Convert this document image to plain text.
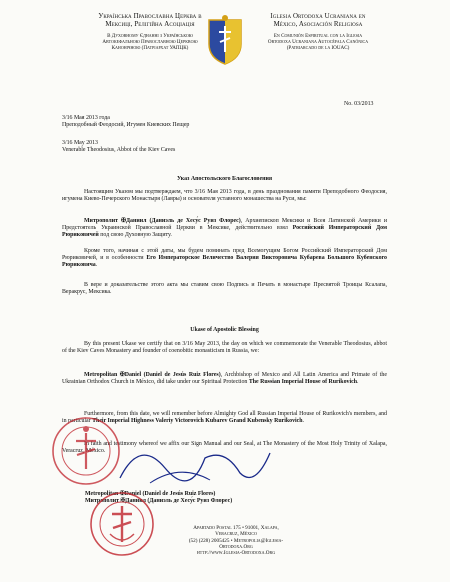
Українська Православна Церква в Мексиці, Релігійна Асоціація
В Духовному Єднанні з Українською Автокефальною Православною Церквою Канонічною (Патріархат УАПЦК)
Iglesia Ortodoxa Ucraniana en México, Asociación Religiosa
En Comunión Espiritual con la Iglesia Ortodoxa Ucraniana Autocéfala Canónica (Patriarcado de la IOUAC)
No. 03/2013
3/16 Мая 2013 года
Преподобный Феодосий, Игумен Киевских Пещер
3/16 May 2013
Venerable Theodosius, Abbot of the Kiev Caves
Указ Апостольского Благословения
Настоящим Указом мы подтверждаем, что 3/16 Мая 2013 года, в день празднования памяти Преподобного Феодосия, игумена Киево-Печерского Монастыря (Лавры) и основателя уставного монашества на Руси, мы:
Митрополит ✠Даниил (Даниэль де Хесу́с Руиз Флорес), Архиепископ Мексики и Всея Латинской Америки и Предстоятель Украинской Православной Церкви в Мексике, действительно взял Российский Императорский Дом Рюриковичей под свою Духовную Защиту.
Кроме того, начиная с этой даты, мы будем поминать пред Всемогущим Богом Российский Императорский Дом Рюриковичей, и в особенности Его Императорское Величество Валерия Викторовича Кубарева Большого Кубенского Рюриковича.
В вере и доказательстве этого акта мы ставим свою Подпись и Печать в монастыре Пресвятой Троицы Ксалапа, Веракрус, Мексика.
Ukase of Apostolic Blessing
By this present Ukase we certify that on 3/16 May 2013, the day on which we commemorate the Venerable Theodosius, abbot of the Kiev Caves Monastery and founder of coenobitic monasticism in Russia, we:
Metropolitan ✠Daniel (Daniel de Jesús Ruiz Flores), Archbishop of Mexico and All Latin America and Primate of the Ukrainian Orthodox Church in México, did take under our Spiritual Protection The Russian Imperial House of Rurikovich.
Furthermore, from this date, we will remember before Almighty God all Russian Imperial House of Rurikovich's members, and in particular Their Imperial Highness Valeriy Victorovich Kubarev Grand Kubensky Rurikovich.
In faith and testimony whereof we affix our Sign Manual and our Seal, at The Monastery of the Most Holy Trinity of Xalapa, Veracruz, México.
Metropolitan ✠Daniel (Daniel de Jesús Ruiz Flores)
Митрополит ✠Даниил (Даниэль де Хесу́с Руиз Флорес)
Apartado Postal 175 • 91001, Xalapa, Veracruz, México
(52) (228) 2005425 • Metropolia@Iglesia-Ortodoxa.Org
http://www.Iglesia-Ortodoxa.Org
